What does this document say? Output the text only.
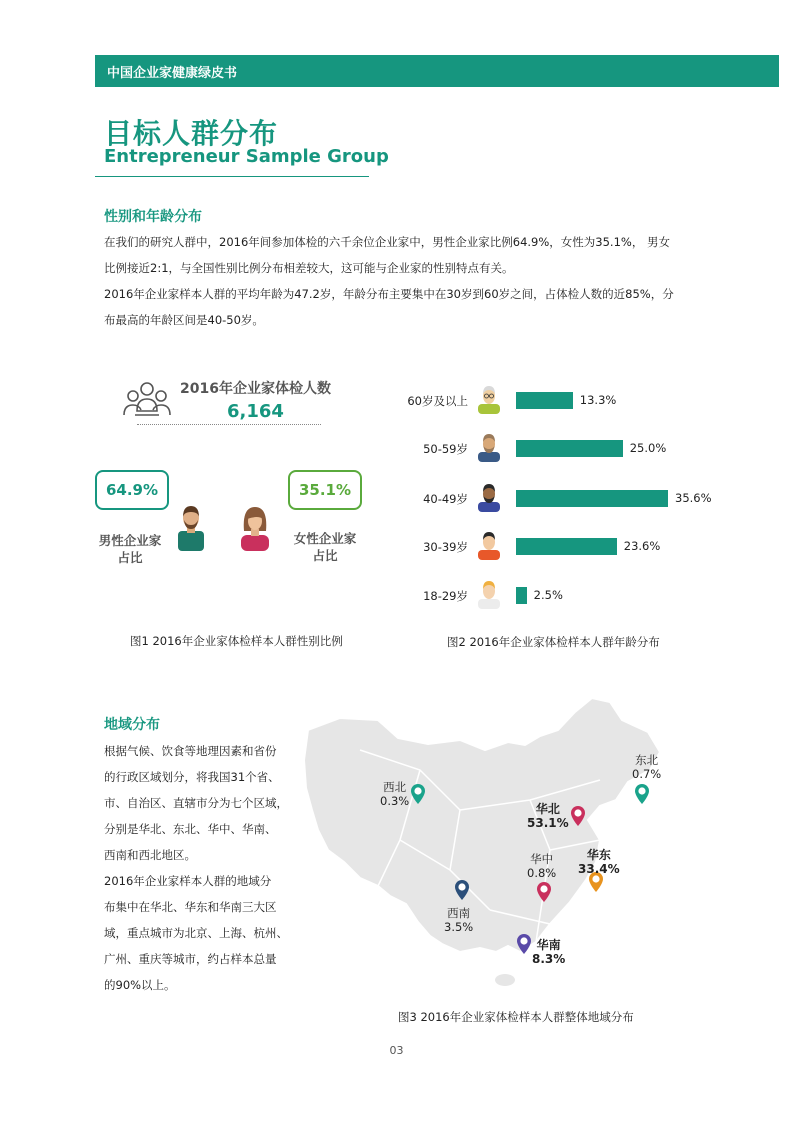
中国企业家健康绿皮书
目标人群分布
Entrepreneur Sample Group
性别和年龄分布
在我们的研究人群中，2016年间参加体检的六千余位企业家中，男性企业家比例64.9%，女性为35.1%， 男女
比例接近2:1，与全国性别比例分布相差较大，这可能与企业家的性别特点有关。
2016年企业家样本人群的平均年龄为47.2岁，年龄分布主要集中在30岁到60岁之间，占体检人数的近85%，分
布最高的年龄区间是40-50岁。
2016年企业家体检人数
6,164
64.9%	35.1%
男性企业家
占比
女性企业家
占比
图1 2016年企业家体检样本人群性别比例
60岁及以上	13.3%
50-59岁	25.0%
40-49岁	35.6%
30-39岁	23.6%
18-29岁	2.5%
图2 2016年企业家体检样本人群年龄分布
地域分布
根据气候、饮食等地理因素和省份
的行政区域划分，将我国31个省、
市、自治区、直辖市分为七个区域，
分别是华北、东北、华中、华南、
西南和西北地区。
2016年企业家样本人群的地域分
布集中在华北、华东和华南三大区
域，重点城市为北京、上海、杭州、
广州、重庆等城市，约占样本总量
的90%以上。
西北
0.3%
东北
0.7%
华北
53.1%
华中
0.8%
华东
33.4%
西南
3.5%
华南
8.3%
图3 2016年企业家体检样本人群整体地域分布
03
